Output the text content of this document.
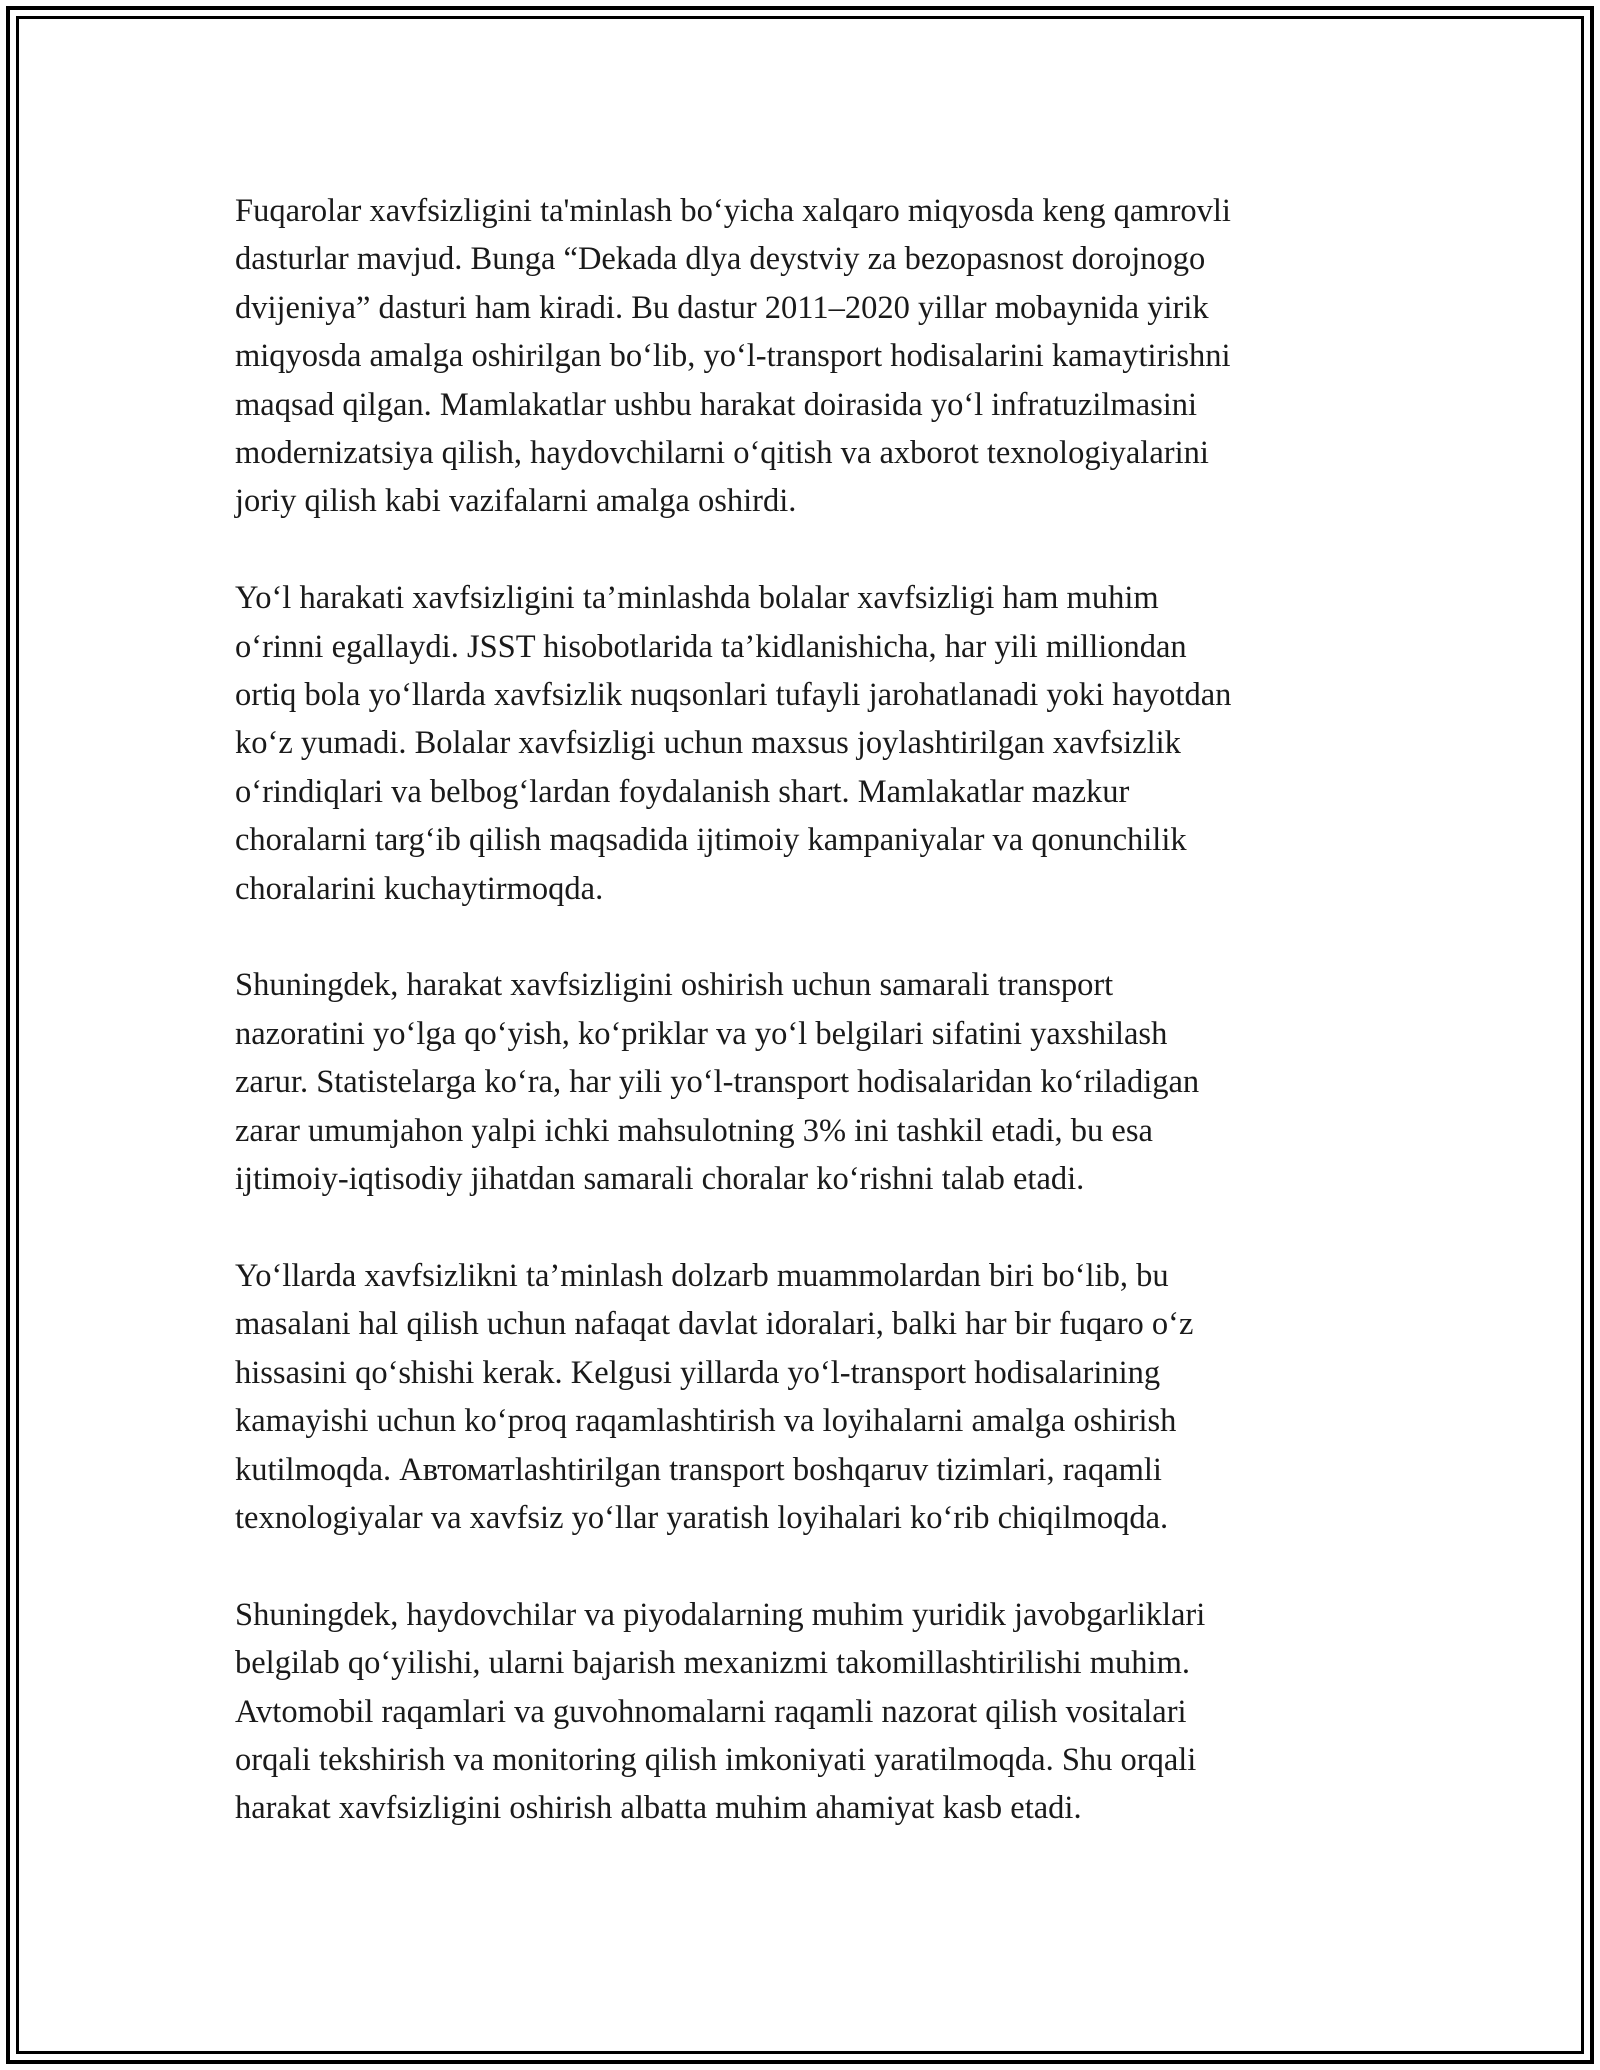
Fuqarolar xavfsizligini ta'minlash bo‘yicha xalqaro miqyosda keng qamrovli
dasturlar mavjud. Bunga “Dekada dlya deystviy za bezopasnost dorojnogo
dvijeniya” dasturi ham kiradi. Bu dastur 2011–2020 yillar mobaynida yirik
miqyosda amalga oshirilgan bo‘lib, yo‘l-transport hodisalarini kamaytirishni
maqsad qilgan. Mamlakatlar ushbu harakat doirasida yo‘l infratuzilmasini
modernizatsiya qilish, haydovchilarni o‘qitish va axborot texnologiyalarini
joriy qilish kabi vazifalarni amalga oshirdi.

Yo‘l harakati xavfsizligini ta’minlashda bolalar xavfsizligi ham muhim
o‘rinni egallaydi. JSST hisobotlarida ta’kidlanishicha, har yili milliondan
ortiq bola yo‘llarda xavfsizlik nuqsonlari tufayli jarohatlanadi yoki hayotdan
ko‘z yumadi. Bolalar xavfsizligi uchun maxsus joylashtirilgan xavfsizlik
o‘rindiqlari va belbog‘lardan foydalanish shart. Mamlakatlar mazkur
choralarni targ‘ib qilish maqsadida ijtimoiy kampaniyalar va qonunchilik
choralarini kuchaytirmoqda.

Shuningdek, harakat xavfsizligini oshirish uchun samarali transport
nazoratini yo‘lga qo‘yish, ko‘priklar va yo‘l belgilari sifatini yaxshilash
zarur. Statistelarga ko‘ra, har yili yo‘l-transport hodisalaridan ko‘riladigan
zarar umumjahon yalpi ichki mahsulotning 3% ini tashkil etadi, bu esa
ijtimoiy-iqtisodiy jihatdan samarali choralar ko‘rishni talab etadi.

Yo‘llarda xavfsizlikni ta’minlash dolzarb muammolardan biri bo‘lib, bu
masalani hal qilish uchun nafaqat davlat idoralari, balki har bir fuqaro o‘z
hissasini qo‘shishi kerak. Kelgusi yillarda yo‘l-transport hodisalarining
kamayishi uchun ko‘proq raqamlashtirish va loyihalarni amalga oshirish
kutilmoqda. Автоматlashtirilgan transport boshqaruv tizimlari, raqamli
texnologiyalar va xavfsiz yo‘llar yaratish loyihalari ko‘rib chiqilmoqda.

Shuningdek, haydovchilar va piyodalarning muhim yuridik javobgarliklari
belgilab qo‘yilishi, ularni bajarish mexanizmi takomillashtirilishi muhim.
Avtomobil raqamlari va guvohnomalarni raqamli nazorat qilish vositalari
orqali tekshirish va monitoring qilish imkoniyati yaratilmoqda. Shu orqali
harakat xavfsizligini oshirish albatta muhim ahamiyat kasb etadi.
